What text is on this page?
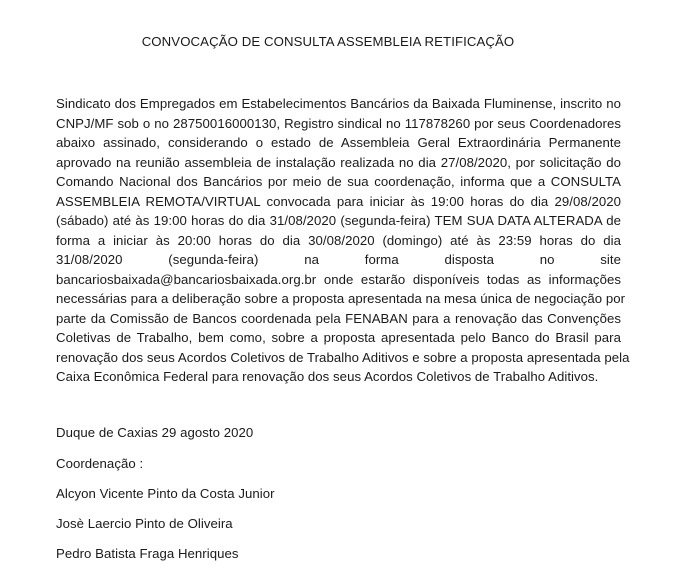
CONVOCAÇÃO DE CONSULTA ASSEMBLEIA RETIFICAÇÃO
Sindicato dos Empregados em Estabelecimentos Bancários da Baixada Fluminense, inscrito no
CNPJ/MF sob o no 28750016000130, Registro sindical no 117878260 por seus Coordenadores
abaixo assinado, considerando o estado de Assembleia Geral Extraordinária Permanente
aprovado na reunião assembleia de instalação realizada no dia 27/08/2020, por solicitação do
Comando Nacional dos Bancários por meio de sua coordenação, informa que a CONSULTA
ASSEMBLEIA REMOTA/VIRTUAL convocada para iniciar às 19:00 horas do dia 29/08/2020
(sábado) até às 19:00 horas do dia 31/08/2020 (segunda-feira) TEM SUA DATA ALTERADA de
forma a iniciar às 20:00 horas do dia 30/08/2020 (domingo) até às 23:59 horas do dia
31/08/2020 (segunda-feira) na forma disposta no site
bancariosbaixada@bancariosbaixada.org.br onde estarão disponíveis todas as informações
necessárias para a deliberação sobre a proposta apresentada na mesa única de negociação por
parte da Comissão de Bancos coordenada pela FENABAN para a renovação das Convenções
Coletivas de Trabalho, bem como, sobre a proposta apresentada pelo Banco do Brasil para
renovação dos seus Acordos Coletivos de Trabalho Aditivos e sobre a proposta apresentada pela
Caixa Econômica Federal para renovação dos seus Acordos Coletivos de Trabalho Aditivos.
Duque de Caxias 29 agosto 2020
Coordenação :
Alcyon Vicente Pinto da Costa Junior
Josè Laercio Pinto de Oliveira
Pedro Batista Fraga Henriques
